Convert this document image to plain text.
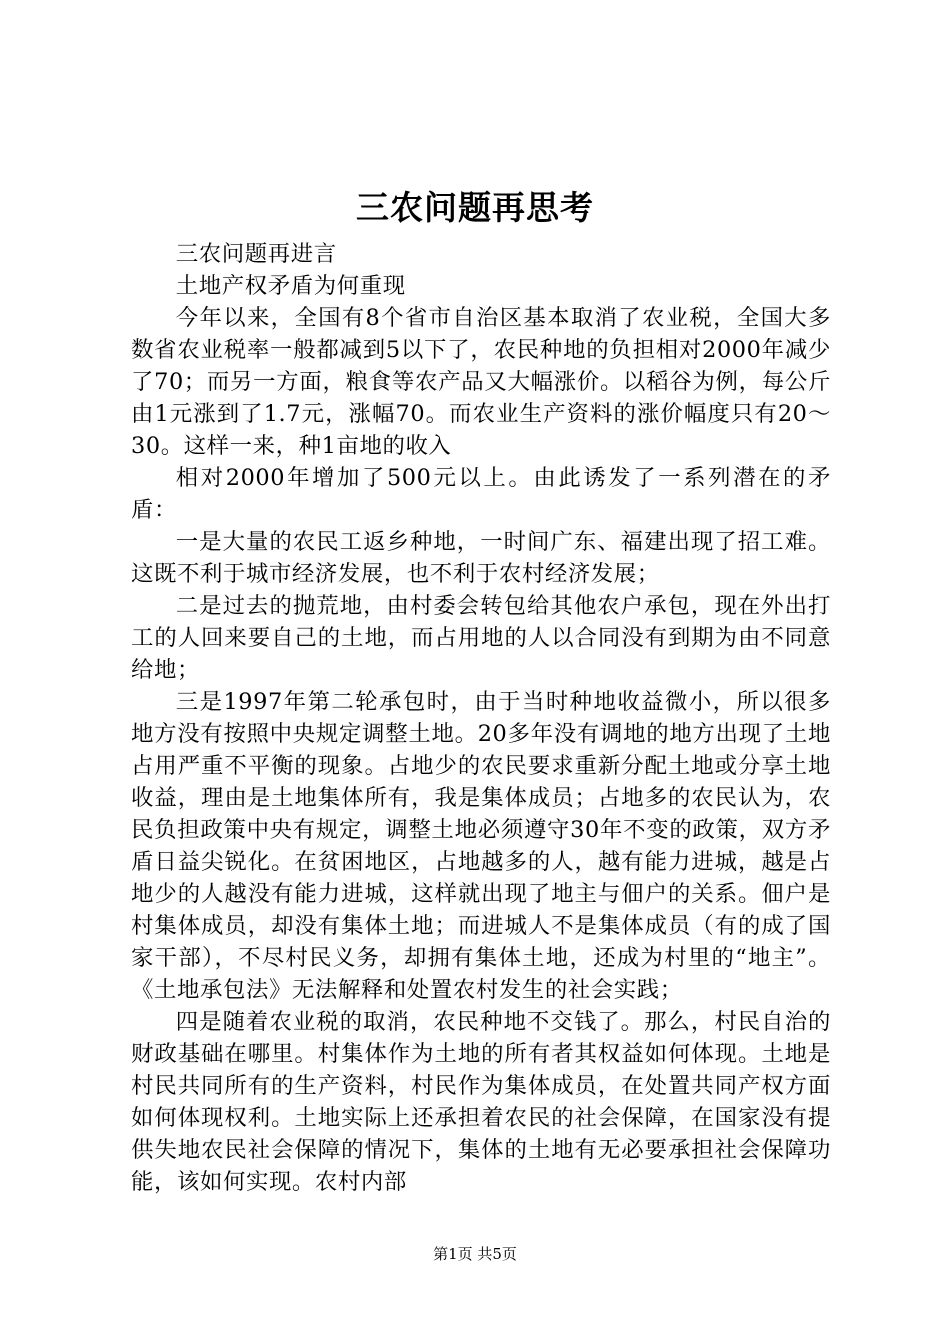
三农问题再思考

三农问题再进言

土地产权矛盾为何重现

今年以来，全国有8个省市自治区基本取消了农业税，全国大多数省农业税率一般都减到5以下了，农民种地的负担相对2000年减少了70；而另一方面，粮食等农产品又大幅涨价。以稻谷为例，每公斤由1元涨到了1.7元，涨幅70。而农业生产资料的涨价幅度只有20～30。这样一来，种1亩地的收入

相对2000年增加了500元以上。由此诱发了一系列潜在的矛盾：

一是大量的农民工返乡种地，一时间广东、福建出现了招工难。这既不利于城市经济发展，也不利于农村经济发展；

二是过去的抛荒地，由村委会转包给其他农户承包，现在外出打工的人回来要自己的土地，而占用地的人以合同没有到期为由不同意给地；

三是1997年第二轮承包时，由于当时种地收益微小，所以很多地方没有按照中央规定调整土地。20多年没有调地的地方出现了土地占用严重不平衡的现象。占地少的农民要求重新分配土地或分享土地收益，理由是土地集体所有，我是集体成员；占地多的农民认为，农民负担政策中央有规定，调整土地必须遵守30年不变的政策，双方矛盾日益尖锐化。在贫困地区，占地越多的人，越有能力进城，越是占地少的人越没有能力进城，这样就出现了地主与佃户的关系。佃户是村集体成员，却没有集体土地；而进城人不是集体成员（有的成了国家干部），不尽村民义务，却拥有集体土地，还成为村里的“地主”。《土地承包法》无法解释和处置农村发生的社会实践；

四是随着农业税的取消，农民种地不交钱了。那么，村民自治的财政基础在哪里。村集体作为土地的所有者其权益如何体现。土地是村民共同所有的生产资料，村民作为集体成员，在处置共同产权方面如何体现权利。土地实际上还承担着农民的社会保障，在国家没有提供失地农民社会保障的情况下，集体的土地有无必要承担社会保障功能，该如何实现。农村内部

第1页 共5页
